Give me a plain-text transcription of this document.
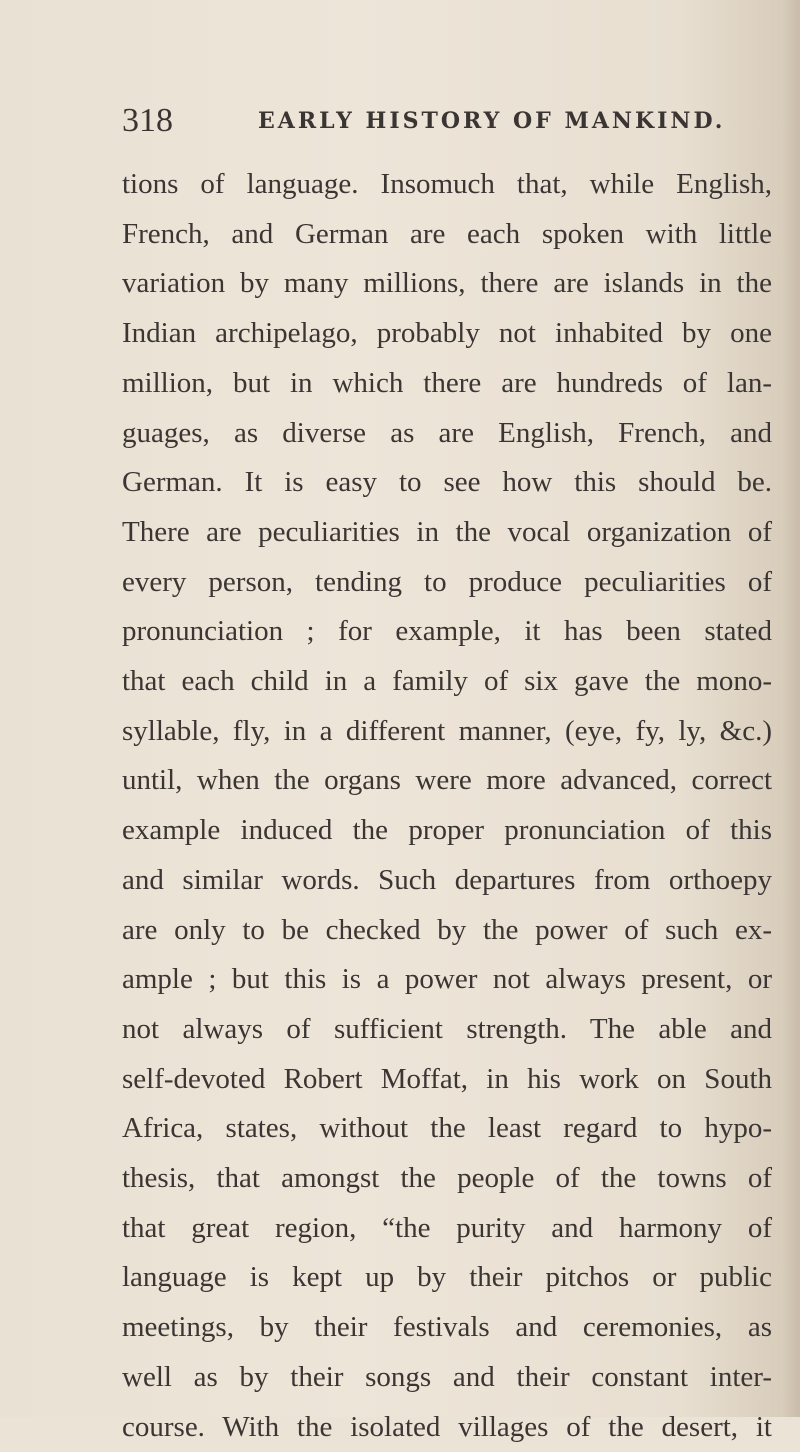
318	EARLY HISTORY OF MANKIND.
tions of language. Insomuch that, while English,
French, and German are each spoken with little
variation by many millions, there are islands in the
Indian archipelago, probably not inhabited by one
million, but in which there are hundreds of lan-
guages, as diverse as are English, French, and
German. It is easy to see how this should be.
There are peculiarities in the vocal organization of
every person, tending to produce peculiarities of
pronunciation ; for example, it has been stated
that each child in a family of six gave the mono-
syllable, fly, in a different manner, (eye, fy, ly, &c.)
until, when the organs were more advanced, correct
example induced the proper pronunciation of this
and similar words. Such departures from orthoepy
are only to be checked by the power of such ex-
ample ; but this is a power not always present, or
not always of sufficient strength. The able and
self-devoted Robert Moffat, in his work on South
Africa, states, without the least regard to hypo-
thesis, that amongst the people of the towns of
that great region, “the purity and harmony of
language is kept up by their pitchos or public
meetings, by their festivals and ceremonies, as
well as by their songs and their constant inter-
course. With the isolated villages of the desert, it
